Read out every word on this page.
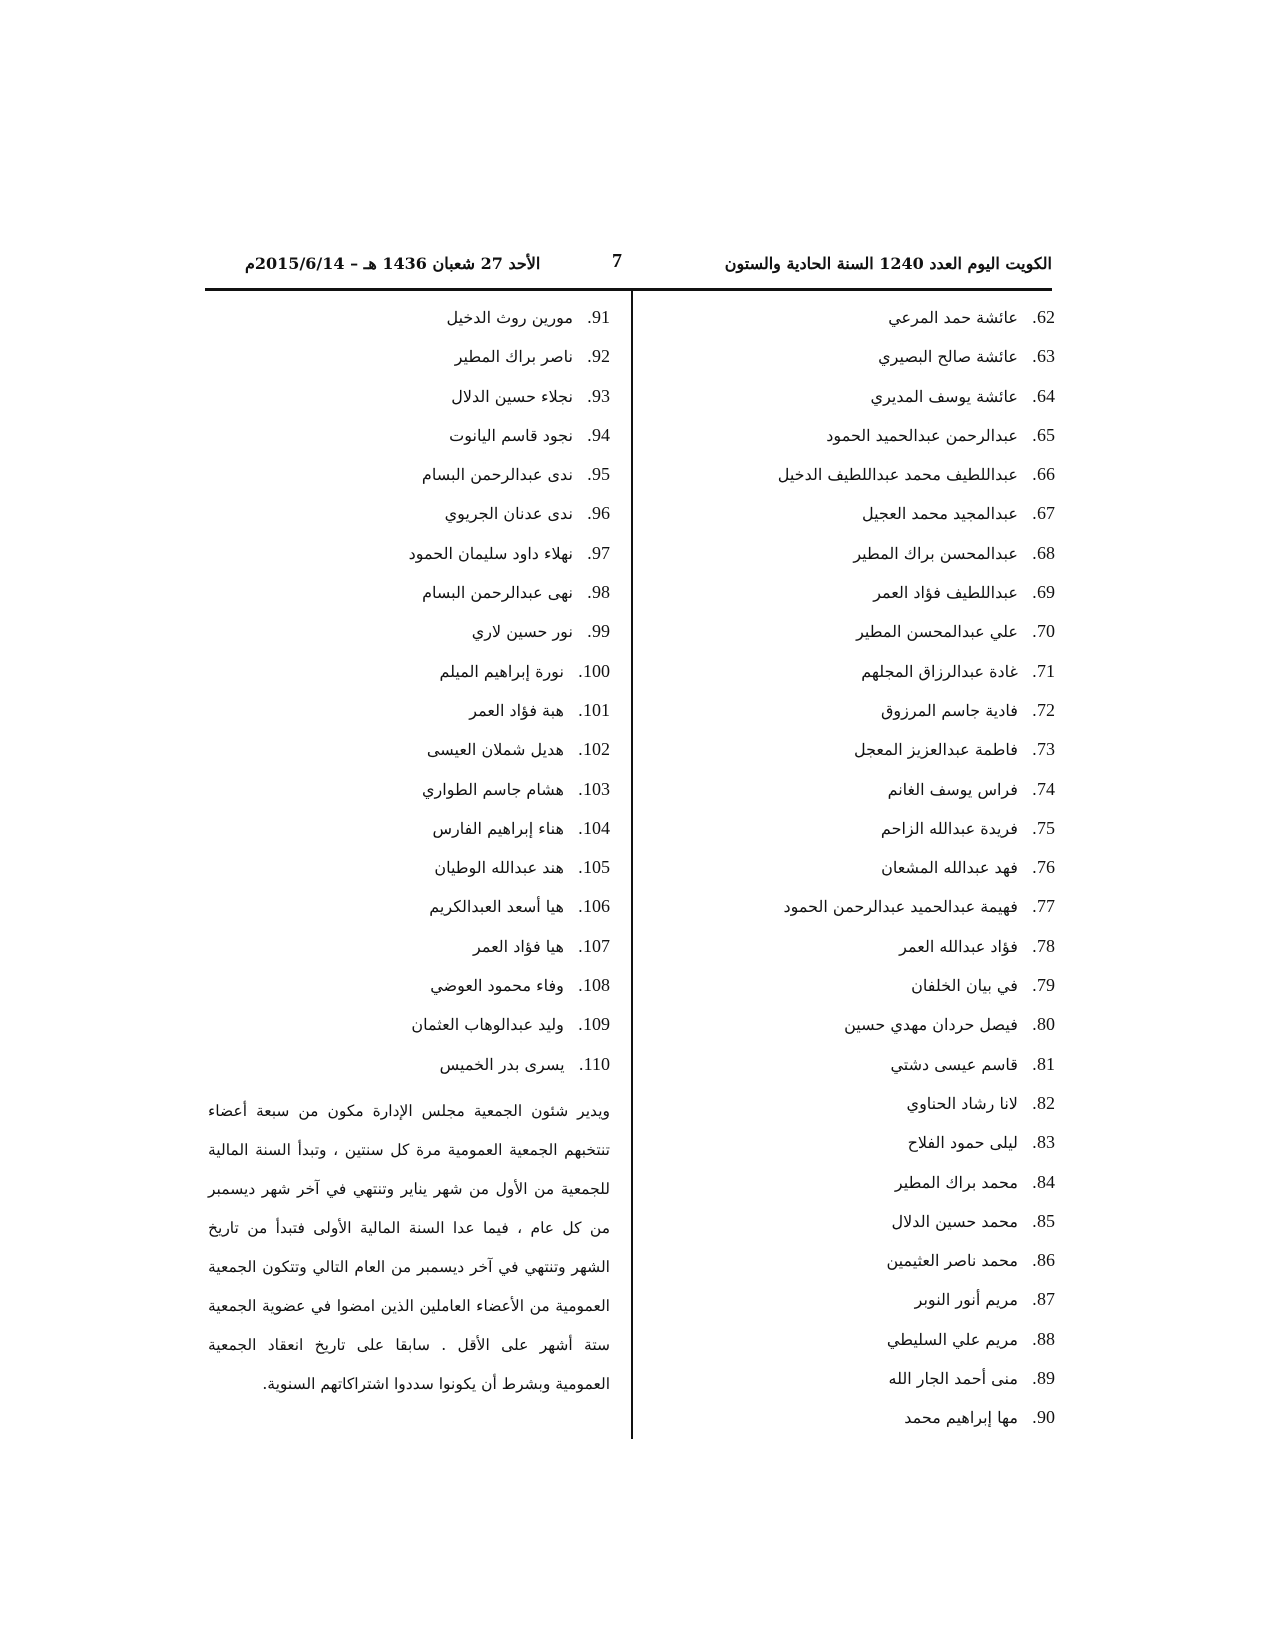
الكويت اليوم العدد 1240 السنة الحادية والستون
7
الأحد 27 شعبان 1436 هـ – 2015/6/14م
62.عائشة حمد المرعي
63.عائشة صالح البصيري
64.عائشة يوسف المديري
65.عبدالرحمن عبدالحميد الحمود
66.عبداللطيف محمد عبداللطيف الدخيل
67.عبدالمجيد محمد العجيل
68.عبدالمحسن براك المطير
69.عبداللطيف فؤاد العمر
70.علي عبدالمحسن المطير
71.غادة عبدالرزاق المجلهم
72.فادية جاسم المرزوق
73.فاطمة عبدالعزيز المعجل
74.فراس يوسف الغانم
75.فريدة عبدالله الزاحم
76.فهد عبدالله المشعان
77.فهيمة عبدالحميد عبدالرحمن الحمود
78.فؤاد عبدالله العمر
79.في بيان الخلفان
80.فيصل حردان مهدي حسين
81.قاسم عيسى دشتي
82.لانا رشاد الحناوي
83.ليلى حمود الفلاح
84.محمد براك المطير
85.محمد حسين الدلال
86.محمد ناصر العثيمين
87.مريم أنور النوبر
88.مريم علي السليطي
89.منى أحمد الجار الله
90.مها إبراهيم محمد
91.مورين روث الدخيل
92.ناصر براك المطير
93.نجلاء حسين الدلال
94.نجود قاسم اليانوت
95.ندى عبدالرحمن البسام
96.ندى عدنان الجريوي
97.نهلاء داود سليمان الحمود
98.نهى عبدالرحمن البسام
99.نور حسين لاري
100.نورة إبراهيم الميلم
101.هبة فؤاد العمر
102.هديل شملان العيسى
103.هشام جاسم الطواري
104.هناء إبراهيم الفارس
105.هند عبدالله الوطيان
106.هيا أسعد العبدالكريم
107.هيا فؤاد العمر
108.وفاء محمود العوضي
109.وليد عبدالوهاب العثمان
110.يسرى بدر الخميس
ويدير شئون الجمعية مجلس الإدارة مكون من سبعة أعضاء تنتخبهم الجمعية العمومية مرة كل سنتين ، وتبدأ السنة المالية للجمعية من الأول من شهر يناير وتنتهي في آخر شهر ديسمبر من كل عام ، فيما عدا السنة المالية الأولى فتبدأ من تاريخ الشهر وتنتهي في آخر ديسمبر من العام التالي وتتكون الجمعية العمومية من الأعضاء العاملين الذين امضوا في عضوية الجمعية ستة أشهر على الأقل . سابقا على تاريخ انعقاد الجمعية العمومية وبشرط أن يكونوا سددوا اشتراكاتهم السنوية.
